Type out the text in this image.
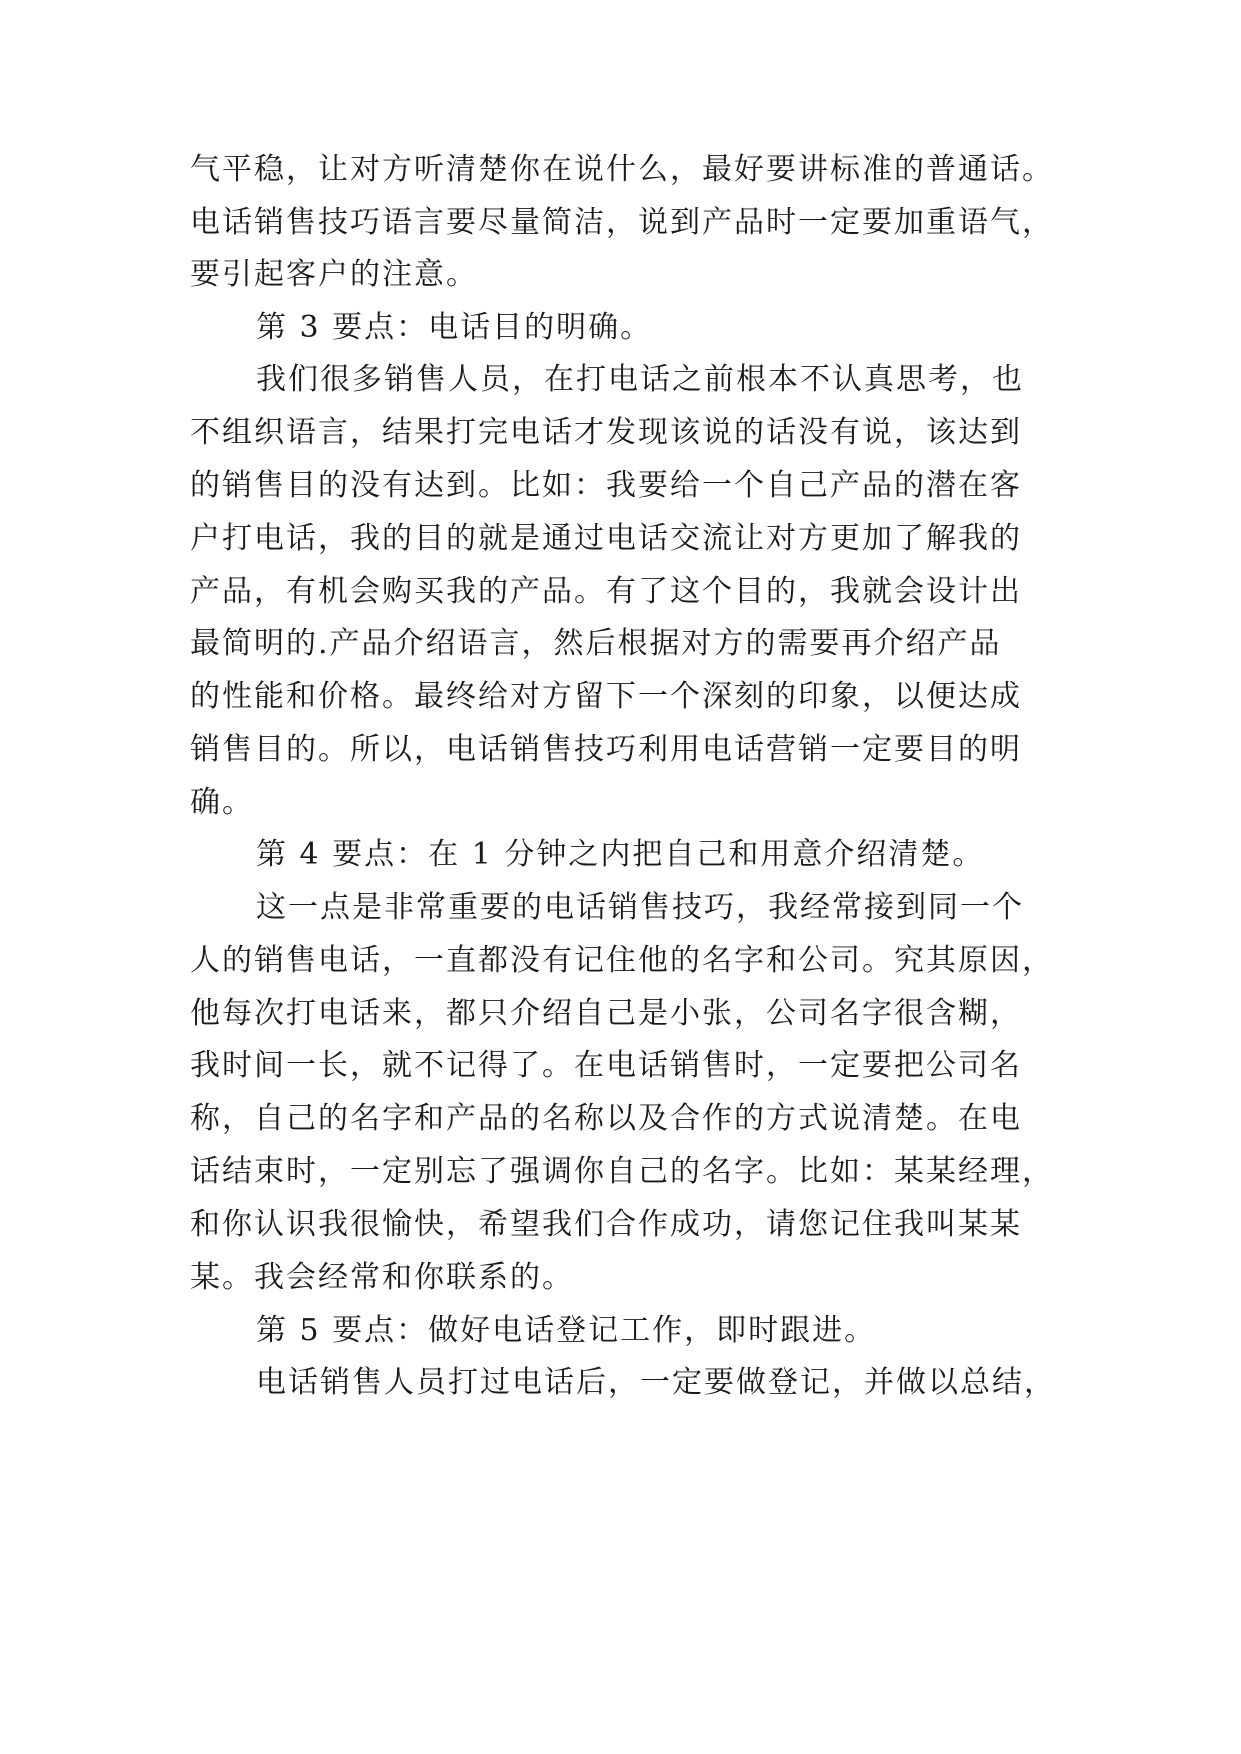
气平稳，让对方听清楚你在说什么，最好要讲标准的普通话。
电话销售技巧语言要尽量简洁，说到产品时一定要加重语气，
要引起客户的注意。
第 3 要点：电话目的明确。
我们很多销售人员，在打电话之前根本不认真思考，也
不组织语言，结果打完电话才发现该说的话没有说，该达到
的销售目的没有达到。比如：我要给一个自己产品的潜在客
户打电话，我的目的就是通过电话交流让对方更加了解我的
产品，有机会购买我的产品。有了这个目的，我就会设计出
最简明的.产品介绍语言，然后根据对方的需要再介绍产品
的性能和价格。最终给对方留下一个深刻的印象，以便达成
销售目的。所以，电话销售技巧利用电话营销一定要目的明
确。
第 4 要点：在 1 分钟之内把自己和用意介绍清楚。
这一点是非常重要的电话销售技巧，我经常接到同一个
人的销售电话，一直都没有记住他的名字和公司。究其原因，
他每次打电话来，都只介绍自己是小张，公司名字很含糊，
我时间一长，就不记得了。在电话销售时，一定要把公司名
称，自己的名字和产品的名称以及合作的方式说清楚。在电
话结束时，一定别忘了强调你自己的名字。比如：某某经理，
和你认识我很愉快，希望我们合作成功，请您记住我叫某某
某。我会经常和你联系的。
第 5 要点：做好电话登记工作，即时跟进。
电话销售人员打过电话后，一定要做登记，并做以总结，
